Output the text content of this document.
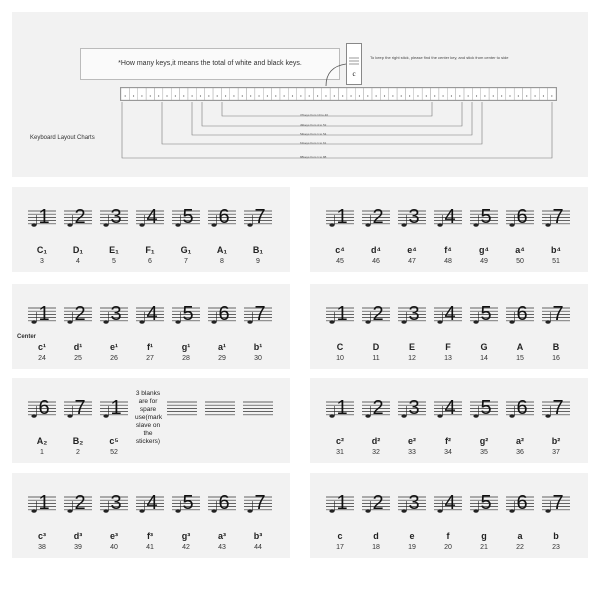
*How many keys,it means the total of white and black keys.
c
To keep the right stick, please find the center key, and stick from center to side
37keys from 10 to 46
49keys from 4 to 52
54keys from 1 to 54
61keys from 1 to 61
88keys from 1 to 88
Keyboard Layout Charts
1 2 3 4 5 6 7
C₁
3
D₁
4
E₁
5
F₁
6
G₁
7
A₁
8
B₁
9
1 2 3 4 5 6 7
c¹
24
d¹
25
e¹
26
f¹
27
g¹
28
a¹
29
b¹
30
Center
6 7 1
A₂
1
B₂
2
c⁵
52
3 blanks are for spare use(mark slave on the stickers)
1 2 3 4 5 6 7
c³
38
d³
39
e³
40
f³
41
g³
42
a³
43
b³
44
1 2 3 4 5 6 7
c⁴
45
d⁴
46
e⁴
47
f⁴
48
g⁴
49
a⁴
50
b⁴
51
1 2 3 4 5 6 7
C
10
D
11
E
12
F
13
G
14
A
15
B
16
1 2 3 4 5 6 7
c²
31
d²
32
e²
33
f²
34
g²
35
a²
36
b²
37
1 2 3 4 5 6 7
c
17
d
18
e
19
f
20
g
21
a
22
b
23
